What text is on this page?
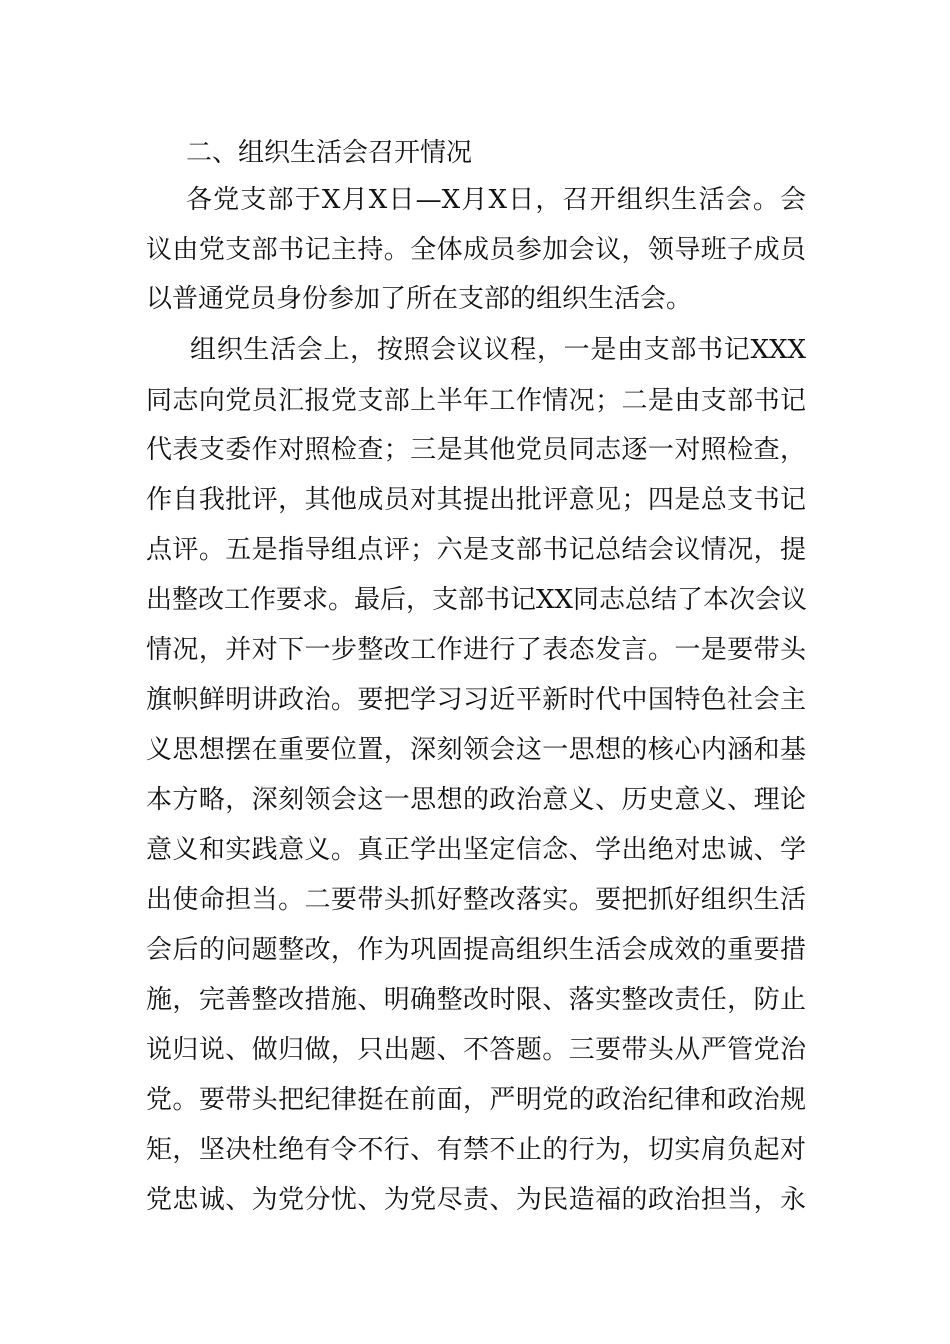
二、组织生活会召开情况

各党支部于X月X日—X月X日，召开组织生活会。会

议由党支部书记主持。全体成员参加会议，领导班子成员

以普通党员身份参加了所在支部的组织生活会。

组织生活会上，按照会议议程，一是由支部书记XXX

同志向党员汇报党支部上半年工作情况；二是由支部书记

代表支委作对照检查；三是其他党员同志逐一对照检查，

作自我批评，其他成员对其提出批评意见；四是总支书记

点评。五是指导组点评；六是支部书记总结会议情况，提

出整改工作要求。最后，支部书记XX同志总结了本次会议

情况，并对下一步整改工作进行了表态发言。一是要带头

旗帜鲜明讲政治。要把学习习近平新时代中国特色社会主

义思想摆在重要位置，深刻领会这一思想的核心内涵和基

本方略，深刻领会这一思想的政治意义、历史意义、理论

意义和实践意义。真正学出坚定信念、学出绝对忠诚、学

出使命担当。二要带头抓好整改落实。要把抓好组织生活

会后的问题整改，作为巩固提高组织生活会成效的重要措

施，完善整改措施、明确整改时限、落实整改责任，防止

说归说、做归做，只出题、不答题。三要带头从严管党治

党。要带头把纪律挺在前面，严明党的政治纪律和政治规

矩，坚决杜绝有令不行、有禁不止的行为，切实肩负起对

党忠诚、为党分忧、为党尽责、为民造福的政治担当，永
